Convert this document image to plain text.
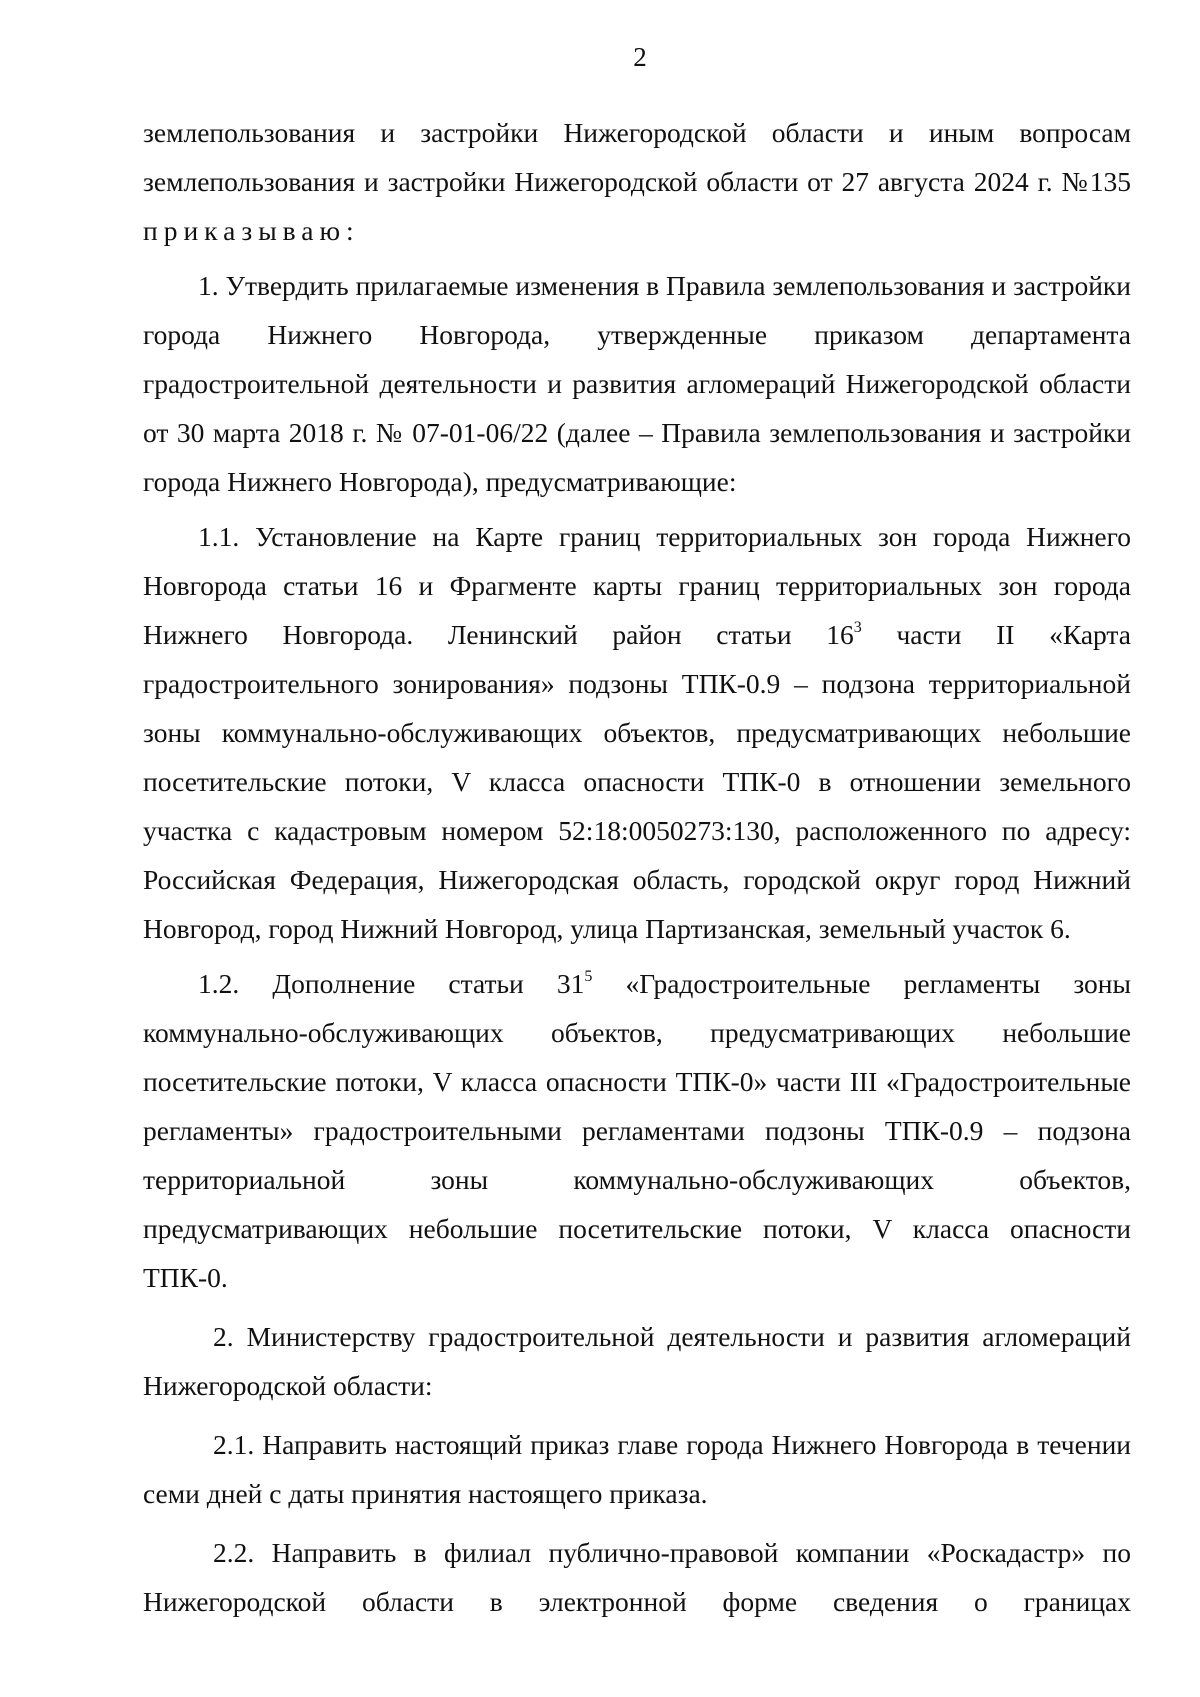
2

землепользования и застройки Нижегородской области и иным вопросам землепользования и застройки Нижегородской области от 27 августа 2024 г. №135

приказываю:

1. Утвердить прилагаемые изменения в Правила землепользования и застройки города Нижнего Новгорода, утвержденные приказом департамента градостроительной деятельности и развития агломераций Нижегородской области от 30 марта 2018 г. № 07-01-06/22 (далее – Правила землепользования и застройки города Нижнего Новгорода), предусматривающие:

1.1. Установление на Карте границ территориальных зон города Нижнего Новгорода статьи 16 и Фрагменте карты границ территориальных зон города Нижнего Новгорода. Ленинский район статьи $16^3$ части II «Карта градостроительного зонирования» подзоны ТПК-0.9 – подзона территориальной зоны коммунально-обслуживающих объектов, предусматривающих небольшие посетительские потоки, V класса опасности ТПК-0 в отношении земельного участка с кадастровым номером 52:18:0050273:130, расположенного по адресу: Российская Федерация, Нижегородская область, городской округ город Нижний Новгород, город Нижний Новгород, улица Партизанская, земельный участок 6.

1.2. Дополнение статьи $31^5$ «Градостроительные регламенты зоны коммунально-обслуживающих объектов, предусматривающих небольшие посетительские потоки, V класса опасности ТПК-0» части III «Градостроительные регламенты» градостроительными регламентами подзоны ТПК-0.9 – подзона территориальной зоны коммунально-обслуживающих объектов, предусматривающих небольшие посетительские потоки, V класса опасности ТПК-0.

2. Министерству градостроительной деятельности и развития агломераций Нижегородской области:

2.1. Направить настоящий приказ главе города Нижнего Новгорода в течении семи дней с даты принятия настоящего приказа.

2.2. Направить в филиал публично-правовой компании «Роскадастр» по Нижегородской области в электронной форме сведения о границах
